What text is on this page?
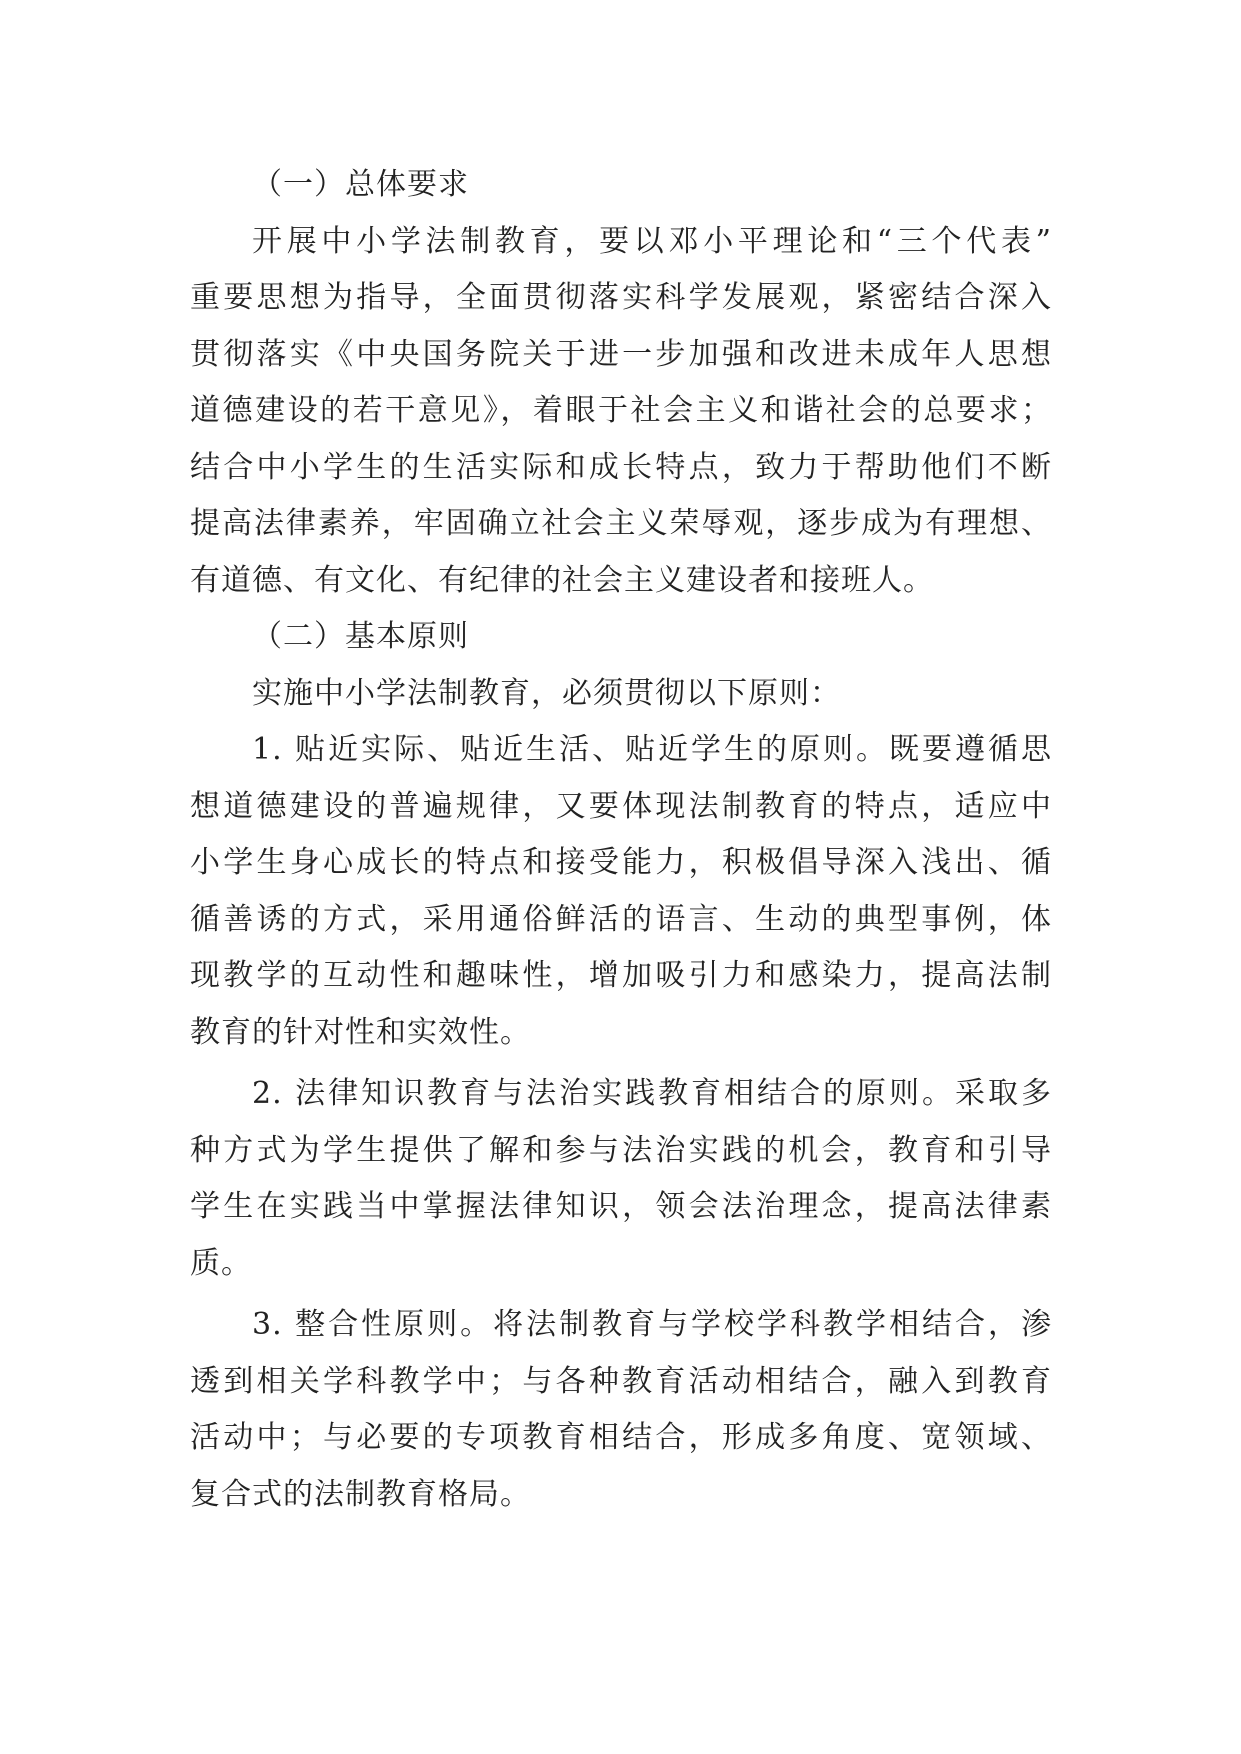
（一）总体要求
开展中小学法制教育，要以邓小平理论和“三个代表”
重要思想为指导，全面贯彻落实科学发展观，紧密结合深入
贯彻落实《中央国务院关于进一步加强和改进未成年人思想
道德建设的若干意见》，着眼于社会主义和谐社会的总要求；
结合中小学生的生活实际和成长特点，致力于帮助他们不断
提高法律素养，牢固确立社会主义荣辱观，逐步成为有理想、
有道德、有文化、有纪律的社会主义建设者和接班人。
（二）基本原则
实施中小学法制教育，必须贯彻以下原则：
1. 贴近实际、贴近生活、贴近学生的原则。既要遵循思
想道德建设的普遍规律，又要体现法制教育的特点，适应中
小学生身心成长的特点和接受能力，积极倡导深入浅出、循
循善诱的方式，采用通俗鲜活的语言、生动的典型事例，体
现教学的互动性和趣味性，增加吸引力和感染力，提高法制
教育的针对性和实效性。
2. 法律知识教育与法治实践教育相结合的原则。采取多
种方式为学生提供了解和参与法治实践的机会，教育和引导
学生在实践当中掌握法律知识，领会法治理念，提高法律素
质。
3. 整合性原则。将法制教育与学校学科教学相结合，渗
透到相关学科教学中；与各种教育活动相结合，融入到教育
活动中；与必要的专项教育相结合，形成多角度、宽领域、
复合式的法制教育格局。
